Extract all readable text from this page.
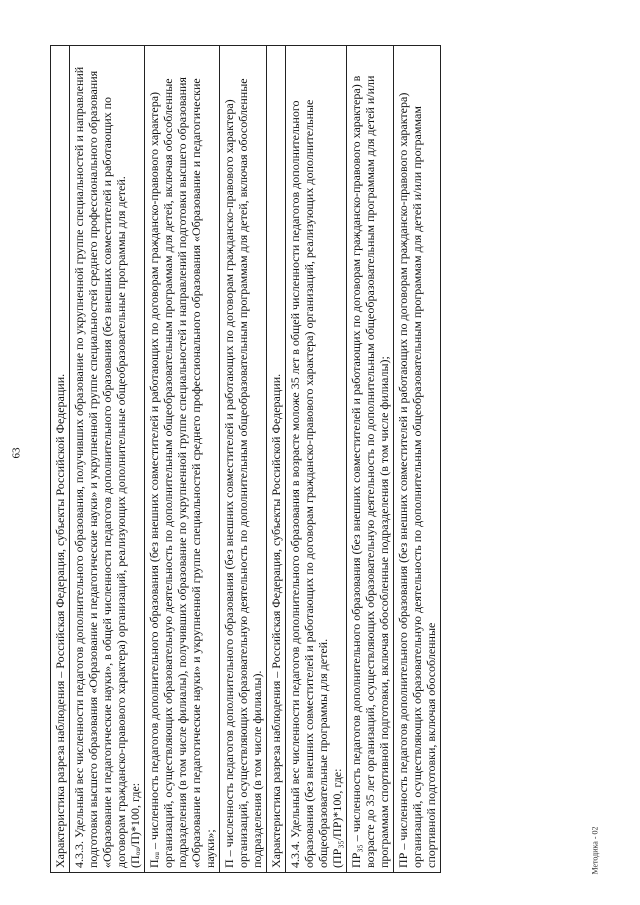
63	Характеристика разреза наблюдения – Российская Федерация, субъекты Российской Федерации.

4.3.3. Удельный вес численности педагогов дополнительного образования, получивших образование по укрупненной группе специальностей и направлений подготовки высшего образования «Образование и педагогические науки» и укрупненной группе специальностей среднего профессионального образования «Образование и педагогические науки», в общей численности педагогов дополнительного образования (без внешних совместителей и работающих по договорам гражданско-правового характера) организаций, реализующих дополнительные общеобразовательные программы для детей. (Пₒᵤ/П)*100, где:

Пₒᵤ – численность педагогов дополнительного образования (без внешних совместителей и работающих по договорам гражданско-правового характера) организаций, осуществляющих образовательную деятельность по дополнительным общеобразовательным программам для детей, включая обособленные подразделения (в том числе филиалы), получивших образование по укрупненной группе специальностей и направлений подготовки высшего образования «Образование и педагогические науки» и укрупненной группе специальностей среднего профессионального образования «Образование и педагогические науки»;
П – численность педагогов дополнительного образования (без внешних совместителей и работающих по договорам гражданско-правового характера) организаций, осуществляющих образовательную деятельность по дополнительным общеобразовательным программам для детей, включая обособленные подразделения (в том числе филиалы).
Характеристика разреза наблюдения – Российская Федерация, субъекты Российской Федерации.

4.3.4. Удельный вес численности педагогов дополнительного образования в возрасте моложе 35 лет в общей численности педагогов дополнительного образования (без внешних совместителей и работающих по договорам гражданско-правового характера) организаций, реализующих дополнительные общеобразовательные программы для детей. (ПР₃₅/ПР)*100, где:

ПР₃₅ – численность педагогов дополнительного образования (без внешних совместителей и работающих по договорам гражданско-правового характера) в возрасте до 35 лет организаций, осуществляющих образовательную деятельность по дополнительным общеобразовательным программам для детей и/или программам спортивной подготовки, включая обособленные подразделения (в том числе филиалы);
ПР – численность педагогов дополнительного образования (без внешних совместителей и работающих по договорам гражданско-правового характера) организаций, осуществляющих образовательную деятельность по дополнительным общеобразовательным программам для детей и/или программам спортивной подготовки, включая обособленные	Методика - 02
